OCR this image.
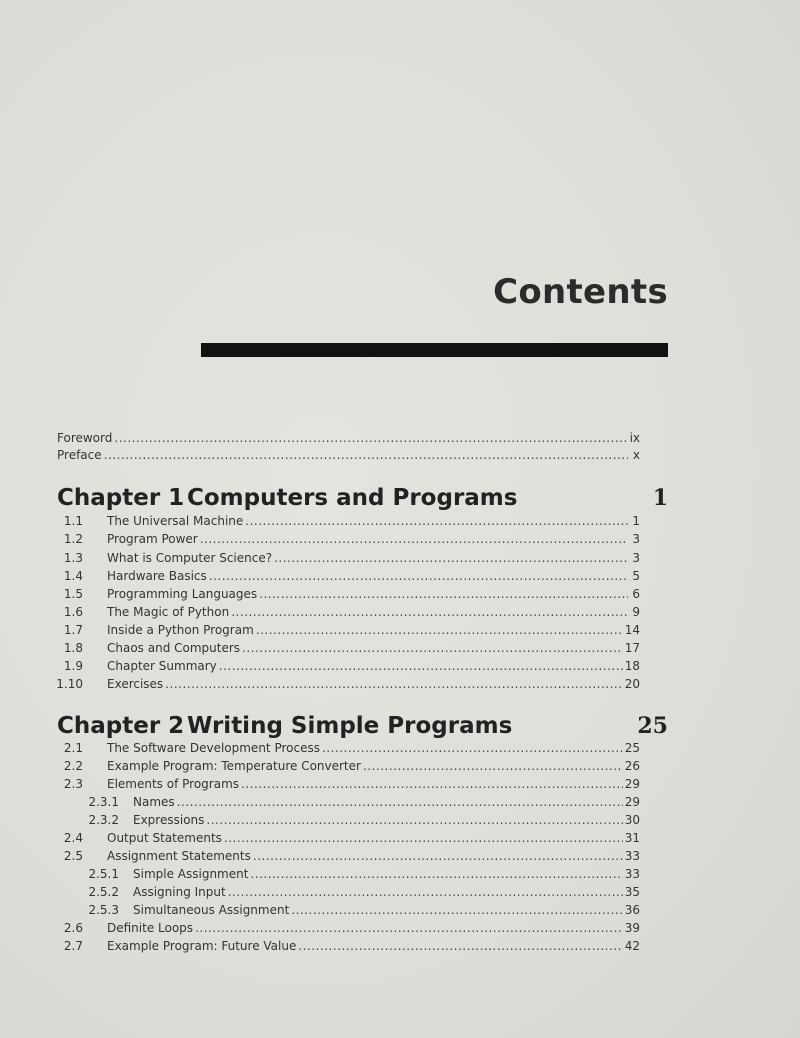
Contents
Foreword .....	ix
Preface .....	x
Chapter 1 Computers and Programs	1
1.1 The Universal Machine .....	1
1.2 Program Power .....	3
1.3 What is Computer Science? .....	3
1.4 Hardware Basics .....	5
1.5 Programming Languages .....	6
1.6 The Magic of Python .....	9
1.7 Inside a Python Program .....	14
1.8 Chaos and Computers .....	17
1.9 Chapter Summary .....	18
1.10 Exercises .....	20
Chapter 2 Writing Simple Programs	25
2.1 The Software Development Process .....	25
2.2 Example Program: Temperature Converter .....	26
2.3 Elements of Programs .....	29
2.3.1 Names .....	29
2.3.2 Expressions .....	30
2.4 Output Statements .....	31
2.5 Assignment Statements .....	33
2.5.1 Simple Assignment .....	33
2.5.2 Assigning Input .....	35
2.5.3 Simultaneous Assignment .....	36
2.6 Definite Loops .....	39
2.7 Example Program: Future Value .....	42
